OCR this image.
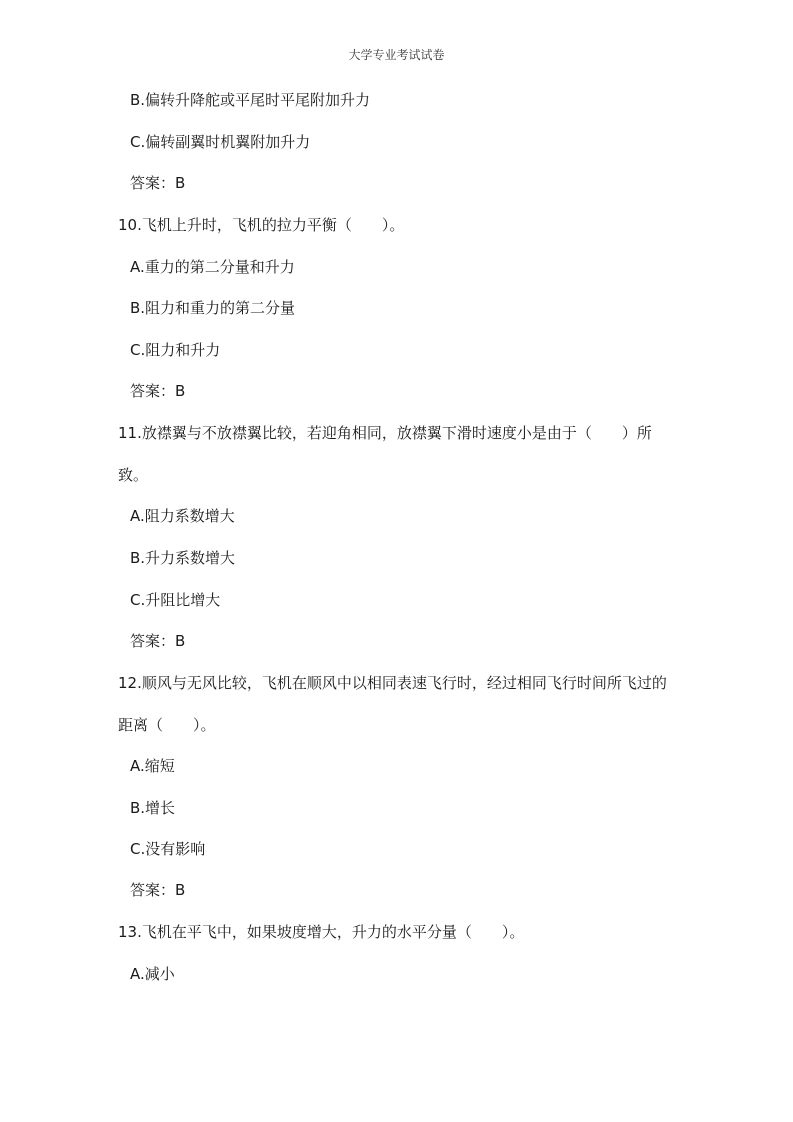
大学专业考试试卷
B.偏转升降舵或平尾时平尾附加升力
C.偏转副翼时机翼附加升力
答案：B
10.飞机上升时，飞机的拉力平衡（　　）。
A.重力的第二分量和升力
B.阻力和重力的第二分量
C.阻力和升力
答案：B
11.放襟翼与不放襟翼比较，若迎角相同，放襟翼下滑时速度小是由于（　　）所
致。
A.阻力系数增大
B.升力系数增大
C.升阻比增大
答案：B
12.顺风与无风比较，飞机在顺风中以相同表速飞行时，经过相同飞行时间所飞过的
距离（　　）。
A.缩短
B.增长
C.没有影响
答案：B
13.飞机在平飞中，如果坡度增大，升力的水平分量（　　）。
A.减小
